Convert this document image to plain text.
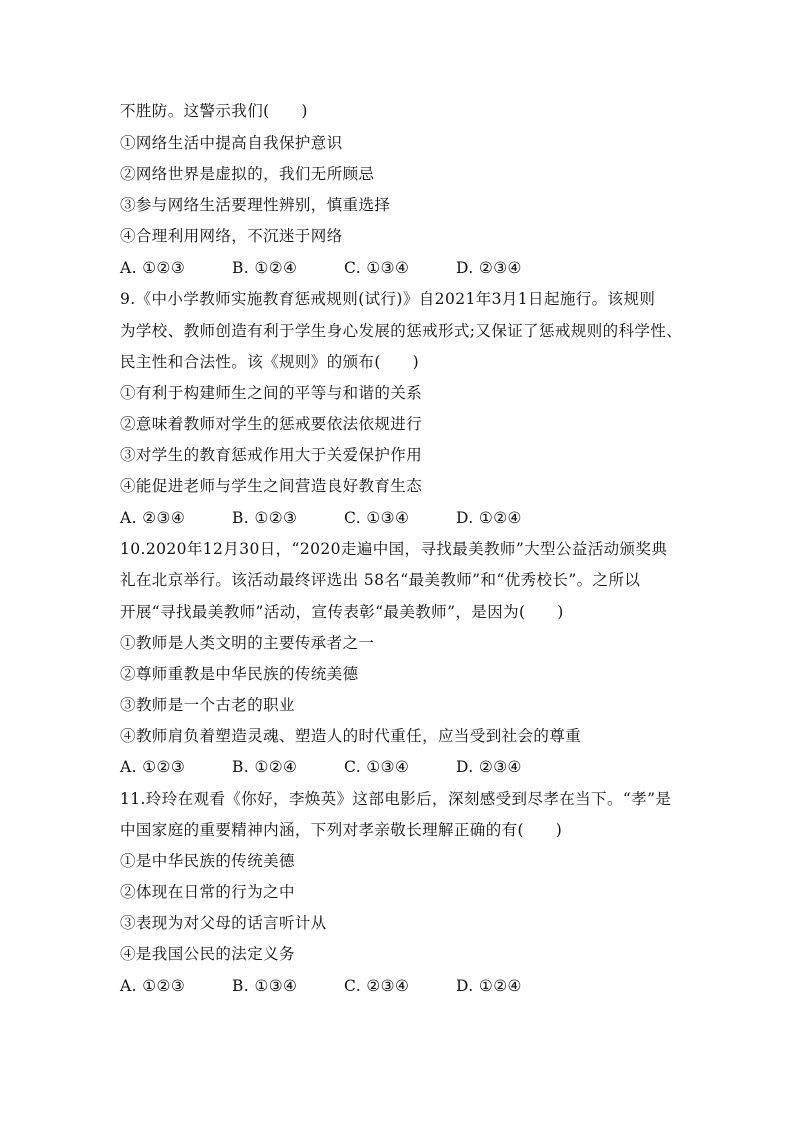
不胜防。这警示我们(　　)
①网络生活中提高自我保护意识
②网络世界是虚拟的，我们无所顾忌
③参与网络生活要理性辨别，慎重选择
④合理利用网络，不沉迷于网络
A. ①②③	B. ①②④	C. ①③④	D. ②③④
9.《中小学教师实施教育惩戒规则(试行)》自2021年3月1日起施行。该规则
为学校、教师创造有利于学生身心发展的惩戒形式;又保证了惩戒规则的科学性、
民主性和合法性。该《规则》的颁布(　　)
①有利于构建师生之间的平等与和谐的关系
②意味着教师对学生的惩戒要依法依规进行
③对学生的教育惩戒作用大于关爱保护作用
④能促进老师与学生之间营造良好教育生态
A. ②③④	B. ①②③	C. ①③④	D. ①②④
10.2020年12月30日，“2020走遍中国，寻找最美教师”大型公益活动颁奖典
礼在北京举行。该活动最终评选出 58名“最美教师”和“优秀校长”。之所以
开展“寻找最美教师”活动，宣传表彰“最美教师”，是因为(　　)
①教师是人类文明的主要传承者之一
②尊师重教是中华民族的传统美德
③教师是一个古老的职业
④教师肩负着塑造灵魂、塑造人的时代重任，应当受到社会的尊重
A. ①②③	B. ①②④	C. ①③④	D. ②③④
11.玲玲在观看《你好，李焕英》这部电影后，深刻感受到尽孝在当下。“孝”是
中国家庭的重要精神内涵，下列对孝亲敬长理解正确的有(　　)
①是中华民族的传统美德
②体现在日常的行为之中
③表现为对父母的话言听计从
④是我国公民的法定义务
A. ①②③	B. ①③④	C. ②③④	D. ①②④
